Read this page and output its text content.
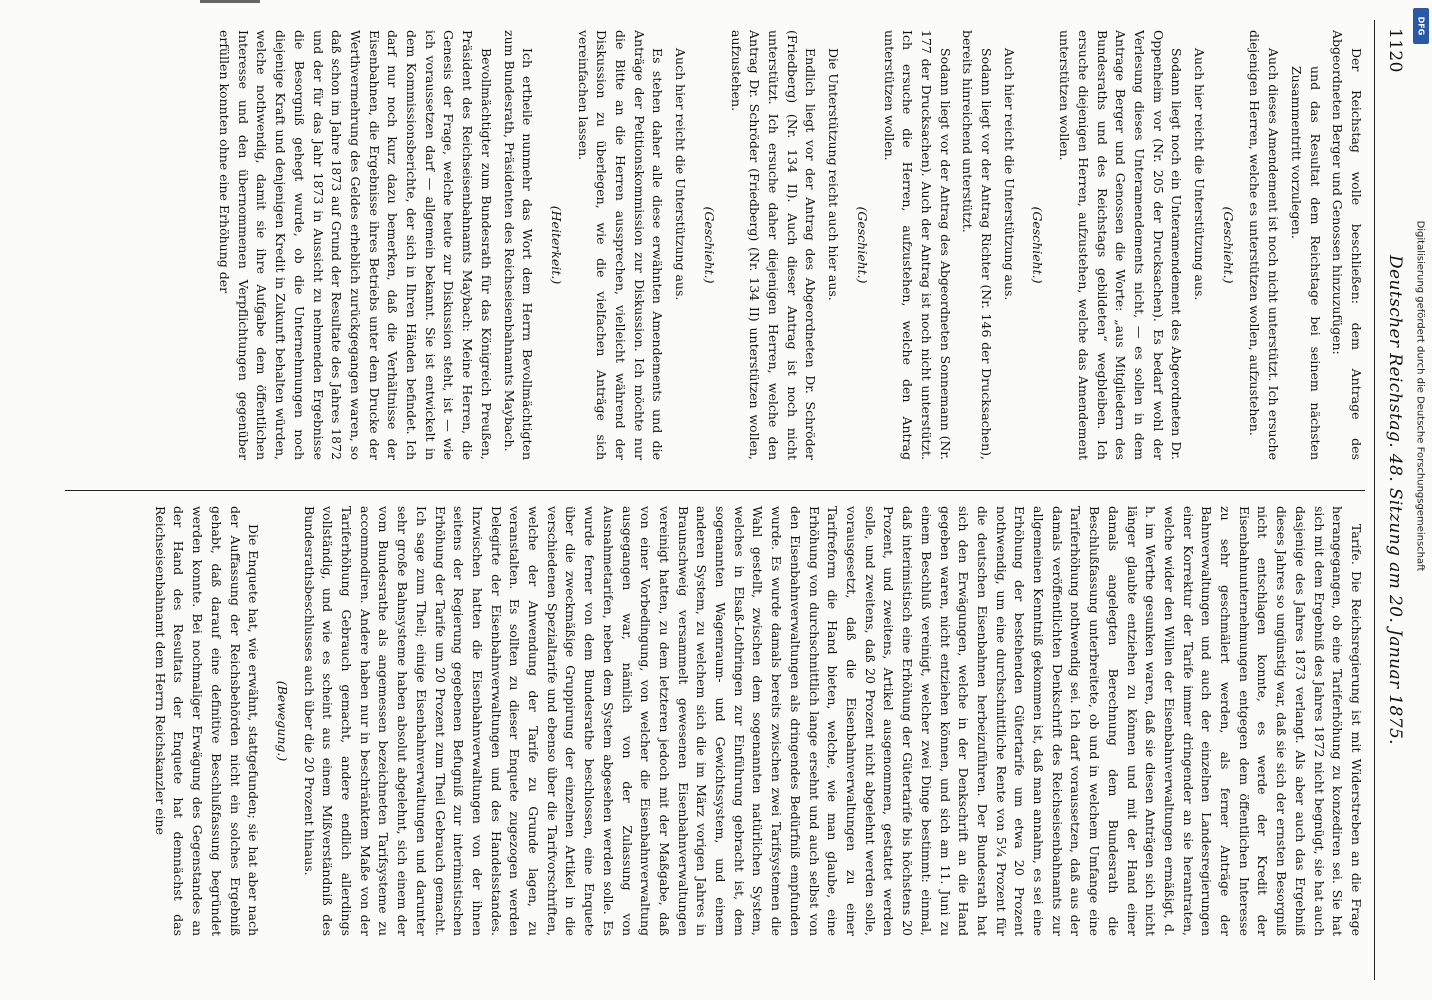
1120
Deutscher Reichstag. 48. Sitzung am 20. Januar 1875.

Der Reichstag wolle beschließen: dem Antrage des Abgeordneten Berger und Genossen hinzuzufügen:

und das Resultat dem Reichstage bei seinem nächsten Zusammentritt vorzulegen.

Auch dieses Amendement ist noch nicht unterstützt. Ich ersuche diejenigen Herren, welche es unterstützen wollen, aufzustehen.

(Geschieht.)

Auch hier reicht die Unterstützung aus.

Sodann liegt noch ein Unteramendement des Abgeordneten Dr. Oppenheim vor (Nr. 205 der Drucksachen). Es bedarf wohl der Verlesung dieses Unteramendements nicht, — es sollen in dem Antrage Berger und Genossen die Worte: „aus Mitgliedern des Bundesraths und des Reichstags gebildeten“ wegbleiben. Ich ersuche diejenigen Herren, aufzustehen, welche das Amendement unterstützen wollen.

(Geschieht.)

Auch hier reicht die Unterstützung aus.

Sodann liegt vor der Antrag Richter (Nr. 146 der Drucksachen), bereits hinreichend unterstützt.

Sodann liegt vor der Antrag des Abgeordneten Sonnemann (Nr. 177 der Drucksachen). Auch der Antrag ist noch nicht unterstützt. Ich ersuche die Herren, aufzustehen, welche den Antrag unterstützen wollen.

(Geschieht.)

Die Unterstützung reicht auch hier aus.

Endlich liegt vor der Antrag des Abgeordneten Dr. Schröder (Friedberg) (Nr. 134 II). Auch dieser Antrag ist noch nicht unterstützt. Ich ersuche daher diejenigen Herren, welche den Antrag Dr. Schröder (Friedberg) (Nr. 134 II) unterstützen wollen, aufzustehen.

(Geschieht.)

Auch hier reicht die Unterstützung aus.

Es stehen daher alle diese erwähnten Amendements und die Anträge der Petitionskommission zur Diskussion. Ich möchte nur die Bitte an die Herren aussprechen, vielleicht während der Diskussion zu überlegen, wie die vielfachen Anträge sich vereinfachen lassen.

(Heiterkeit.)

Ich ertheile nunmehr das Wort dem Herrn Bevollmächtigten zum Bundesrath, Präsidenten des Reichseisenbahnamts Maybach.

Bevollmächtigter zum Bundesrath für das Königreich Preußen, Präsident des Reichseisenbahnamts Maybach: Meine Herren, die Genesis der Frage, welche heute zur Diskussion steht, ist — wie ich voraussetzen darf — allgemein bekannt. Sie ist entwickelt in dem Kommissionsberichte, der sich in Ihren Händen befindet. Ich darf nur noch kurz dazu bemerken, daß die Verhältnisse der Eisenbahnen, die Ergebnisse ihres Betriebs unter dem Drucke der Werthvermehrung des Geldes erheblich zurückgegangen waren, so daß schon im Jahre 1873 auf Grund der Resultate des Jahres 1872 und der für das Jahr 1873 in Aussicht zu nehmenden Ergebnisse die Besorgniß gehegt wurde, ob die Unternehmungen noch diejenige Kraft und denjenigen Kredit in Zukunft behalten würden, welche nothwendig, damit sie ihre Aufgabe dem öffentlichen Interesse und den übernommenen Verpflichtungen gegenüber erfüllen konnten ohne eine Erhöhung der

Tarife. Die Reichsregierung ist mit Widerstreben an die Frage herangegangen, ob eine Tariferhöhung zu konzediren sei. Sie hat sich mit dem Ergebniß des Jahres 1872 nicht begnügt, sie hat auch dasjenige des Jahres 1873 verlangt. Als aber auch das Ergebniß dieses Jahres so ungünstig war, daß sie sich der ernsten Besorgniß nicht entschlagen konnte, es werde der Kredit der Eisenbahnunternehmungen entgegen dem öffentlichen Interesse zu sehr geschmälert werden, als ferner Anträge der Bahnverwaltungen und auch der einzelnen Landesregierungen einer Korrektur der Tarife immer dringender an sie herantraten, welche wider den Willen der Eisenbahnverwaltungen ermäßigt, d. h. im Werthe gesunken waren, daß sie diesen Anträgen sich nicht länger glaubte entziehen zu können und mit der Hand einer damals angelegten Berechnung dem Bundesrath die Beschlußfassung unterbreitete, ob und in welchem Umfange eine Tariferhöhung nothwendig sei. Ich darf voraussetzen, daß aus der damals veröffentlichten Denkschrift des Reichseisenbahnamts zur allgemeinen Kenntniß gekommen ist, daß man annahm, es sei eine Erhöhung der bestehenden Gütertarife um etwa 20 Prozent nothwendig, um eine durchschnittliche Rente von 5¼ Prozent für die deutschen Eisenbahnen herbeizuführen. Der Bundesrath hat sich den Erwägungen, welche in der Denkschrift an die Hand gegeben waren, nicht entziehen können, und sich am 11. Juni zu einem Beschluß vereinigt, welcher zwei Dinge bestimmt: einmal, daß interimistisch eine Erhöhung der Gütertarife bis höchstens 20 Prozent, und zweitens, Artikel ausgenommen, gestattet werden solle, und zweitens, daß 20 Prozent nicht abgelehnt werden solle, vorausgesetzt, daß die Eisenbahnverwaltungen zu einer Tarifreform die Hand bieten, welche, wie man glaube, eine Erhöhung von durchschnittlich lange ersehnt und auch selbst von den Eisenbahnverwaltungen als dringendes Bedürfniß empfunden wurde. Es wurde damals bereits zwischen zwei Tarifsystemen die Wahl gestellt, zwischen dem sogenannten natürlichen System, welches in Elsaß-Lothringen zur Einführung gebracht ist, dem sogenannten Wagenraum- und Gewichtssystem, und einem anderen System, zu welchem sich die im März vorigen Jahres in Braunschweig versammelt gewesenen Eisenbahnverwaltungen vereinigt hatten, zu dem letzteren jedoch mit der Maßgabe, daß von einer Vorbedingung, von welcher die Eisenbahnverwaltung ausgegangen war, nämlich von der Zulassung von Ausnahmetarifen, neben dem System abgesehen werden solle. Es wurde ferner von dem Bundesrathe beschlossen, eine Enquete über die zweckmäßige Gruppirung der einzelnen Artikel in die verschiedenen Spezialtarife und ebenso über die Tarifvorschriften, welche der Anwendung der Tarife zu Grunde lagen, zu veranstalten. Es sollten zu dieser Enquete zugezogen werden Delegirte der Eisenbahnverwaltungen und des Handelsstandes. Inzwischen hatten die Eisenbahnverwaltungen von der ihnen seitens der Regierung gegebenen Befugniß zur interimistischen Erhöhung der Tarife um 20 Prozent zum Theil Gebrauch gemacht. Ich sage zum Theil; einige Eisenbahnverwaltungen und darunter sehr große Bahnsysteme haben absolut abgelehnt, sich einem der vom Bundesrathe als angemessen bezeichneten Tarifsysteme zu accommodiren. Andere haben nur in beschränktem Maße von der Tariferhöhung Gebrauch gemacht, andere endlich allerdings vollständig, und wie es scheint aus einem Mißverständniß des Bundesrathsbeschlusses auch über die 20 Prozent hinaus.

(Bewegung.)

Die Enquete hat, wie erwähnt, stattgefunden; sie hat aber nach der Auffassung der Reichsbehörden nicht ein solches Ergebniß gehabt, daß darauf eine definitive Beschlußfassung begründet werden konnte. Bei nochmaliger Erwägung des Gegenstandes an der Hand des Resultats der Enquete hat demnächst das Reichseisenbahnamt dem Herrn Reichskanzler eine

Digitalisierung gefördert durch die Deutsche Forschungsgemeinschaft
DFG
